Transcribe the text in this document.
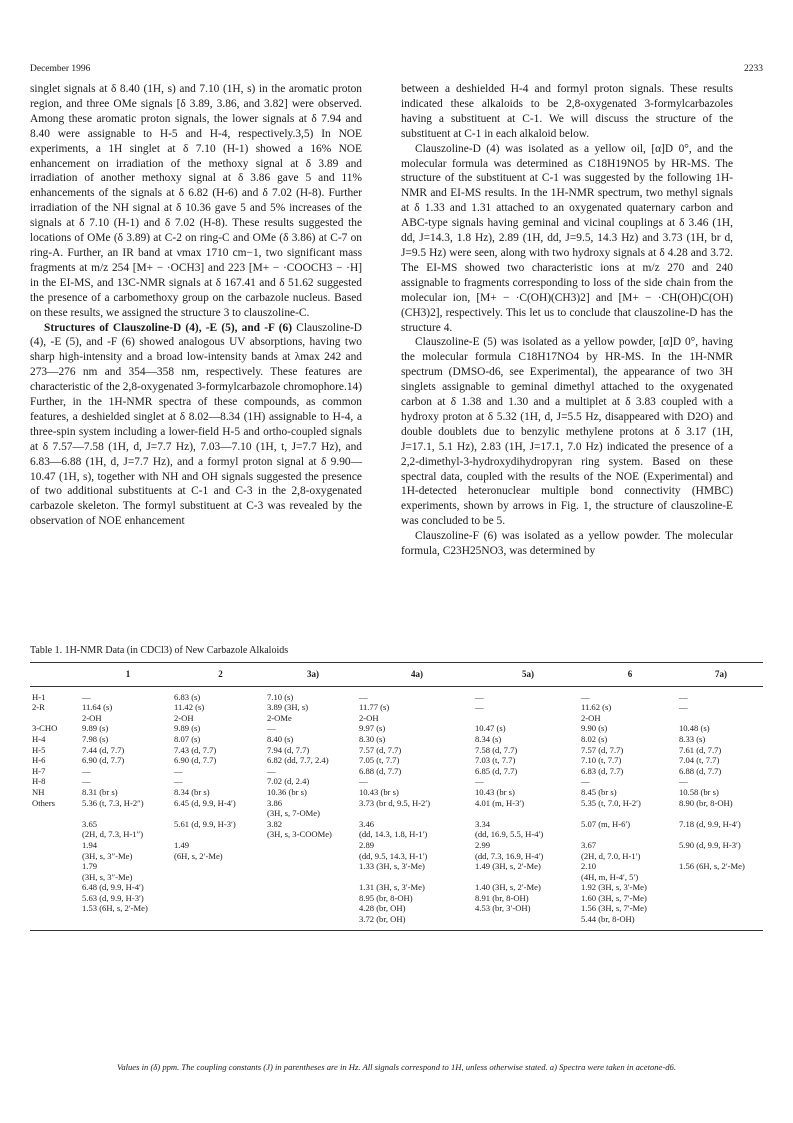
December 1996	2233

singlet signals at δ 8.40 (1H, s) and 7.10 (1H, s) in the aromatic proton region, and three OMe signals [δ 3.89, 3.86, and 3.82] were observed. Among these aromatic proton signals, the lower signals at δ 7.94 and 8.40 were assignable to H-5 and H-4, respectively.3,5) In NOE experiments, a 1H singlet at δ 7.10 (H-1) showed a 16% NOE enhancement on irradiation of the methoxy signal at δ 3.89 and irradiation of another methoxy signal at δ 3.86 gave 5 and 11% enhancements of the signals at δ 6.82 (H-6) and δ 7.02 (H-8). Further irradiation of the NH signal at δ 10.36 gave 5 and 5% increases of the signals at δ 7.10 (H-1) and δ 7.02 (H-8). These results suggested the locations of OMe (δ 3.89) at C-2 on ring-C and OMe (δ 3.86) at C-7 on ring-A. Further, an IR band at νmax 1710 cm−1, two significant mass fragments at m/z 254 [M+ − ·OCH3] and 223 [M+ − ·COOCH3 − ·H] in the EI-MS, and 13C-NMR signals at δ 167.41 and δ 51.62 suggested the presence of a carbomethoxy group on the carbazole nucleus. Based on these results, we assigned the structure 3 to clauszoline-C.

Structures of Clauszoline-D (4), -E (5), and -F (6) Clauszoline-D (4), -E (5), and -F (6) showed analogous UV absorptions, having two sharp high-intensity and a broad low-intensity bands at λmax 242 and 273—276 nm and 354—358 nm, respectively. These features are characteristic of the 2,8-oxygenated 3-formylcarbazole chromophore.14) Further, in the 1H-NMR spectra of these compounds, as common features, a deshielded singlet at δ 8.02—8.34 (1H) assignable to H-4, a three-spin system including a lower-field H-5 and ortho-coupled signals at δ 7.57—7.58 (1H, d, J=7.7 Hz), 7.03—7.10 (1H, t, J=7.7 Hz), and 6.83—6.88 (1H, d, J=7.7 Hz), and a formyl proton signal at δ 9.90—10.47 (1H, s), together with NH and OH signals suggested the presence of two additional substituents at C-1 and C-3 in the 2,8-oxygenated carbazole skeleton. The formyl substituent at C-3 was revealed by the observation of NOE enhancement

between a deshielded H-4 and formyl proton signals. These results indicated these alkaloids to be 2,8-oxygenated 3-formylcarbazoles having a substituent at C-1. We will discuss the structure of the substituent at C-1 in each alkaloid below.

Clauszoline-D (4) was isolated as a yellow oil, [α]D 0°, and the molecular formula was determined as C18H19NO5 by HR-MS. The structure of the substituent at C-1 was suggested by the following 1H-NMR and EI-MS results. In the 1H-NMR spectrum, two methyl signals at δ 1.33 and 1.31 attached to an oxygenated quaternary carbon and ABC-type signals having geminal and vicinal couplings at δ 3.46 (1H, dd, J=14.3, 1.8 Hz), 2.89 (1H, dd, J=9.5, 14.3 Hz) and 3.73 (1H, br d, J=9.5 Hz) were seen, along with two hydroxy signals at δ 4.28 and 3.72. The EI-MS showed two characteristic ions at m/z 270 and 240 assignable to fragments corresponding to loss of the side chain from the molecular ion, [M+ − ·C(OH)(CH3)2] and [M+ − ·CH(OH)C(OH)(CH3)2], respectively. This let us to conclude that clauszoline-D has the structure 4.

Clauszoline-E (5) was isolated as a yellow powder, [α]D 0°, having the molecular formula C18H17NO4 by HR-MS. In the 1H-NMR spectrum (DMSO-d6, see Experimental), the appearance of two 3H singlets assignable to geminal dimethyl attached to the oxygenated carbon at δ 1.38 and 1.30 and a multiplet at δ 3.83 coupled with a hydroxy proton at δ 5.32 (1H, d, J=5.5 Hz, disappeared with D2O) and double doublets due to benzylic methylene protons at δ 3.17 (1H, J=17.1, 5.1 Hz), 2.83 (1H, J=17.1, 7.0 Hz) indicated the presence of a 2,2-dimethyl-3-hydroxydihydropyran ring system. Based on these spectral data, coupled with the results of the NOE (Experimental) and 1H-detected heteronuclear multiple bond connectivity (HMBC) experiments, shown by arrows in Fig. 1, the structure of clauszoline-E was concluded to be 5.

Clauszoline-F (6) was isolated as a yellow powder. The molecular formula, C23H25NO3, was determined by

Table 1. 1H-NMR Data (in CDCl3) of New Carbazole Alkaloids
	1	2	3a)	4a)	5a)	6	7a)
H-1	—	6.83 (s)	7.10 (s)	—	—	—	—
2-R	11.64 (s)	11.42 (s)	3.89 (3H, s)	11.77 (s)	—	11.62 (s)	—
	2-OH	2-OH	2-OMe	2-OH		2-OH	
3-CHO	9.89 (s)	9.89 (s)	—	9.97 (s)	10.47 (s)	9.90 (s)	10.48 (s)
H-4	7.98 (s)	8.07 (s)	8.40 (s)	8.30 (s)	8.34 (s)	8.02 (s)	8.33 (s)
H-5	7.44 (d, 7.7)	7.43 (d, 7.7)	7.94 (d, 7.7)	7.57 (d, 7.7)	7.58 (d, 7.7)	7.57 (d, 7.7)	7.61 (d, 7.7)
H-6	6.90 (d, 7.7)	6.90 (d, 7.7)	6.82 (dd, 7.7, 2.4)	7.05 (t, 7.7)	7.03 (t, 7.7)	7.10 (t, 7.7)	7.04 (t, 7.7)
H-7	—	—	—	6.88 (d, 7.7)	6.85 (d, 7.7)	6.83 (d, 7.7)	6.88 (d, 7.7)
H-8	—	—	7.02 (d, 2.4)	—	—	—	—
NH	8.31 (br s)	8.34 (br s)	10.36 (br s)	10.43 (br s)	10.43 (br s)	8.45 (br s)	10.58 (br s)
Others	5.36 (t, 7.3, H-2″)	6.45 (d, 9.9, H-4′)	3.86	3.73 (br d, 9.5, H-2′)	4.01 (m, H-3′)	5.35 (t, 7.0, H-2′)	8.90 (br, 8-OH)
			(3H, s, 7-OMe)				
	3.65	5.61 (d, 9.9, H-3′)	3.82	3.46	3.34	5.07 (m, H-6′)	7.18 (d, 9.9, H-4′)
	(2H, d, 7.3, H-1″)		(3H, s, 3-COOMe)	(dd, 14.3, 1.8, H-1′)	(dd, 16.9, 5.5, H-4′)		
	1.94	1.49		2.89	2.99	3.67	5.90 (d, 9.9, H-3′)
	(3H, s, 3″-Me)	(6H, s, 2′-Me)		(dd, 9.5, 14.3, H-1′)	(dd, 7.3, 16.9, H-4′)	(2H, d, 7.0, H-1′)	
	1.79			1.33 (3H, s, 3′-Me)	1.49 (3H, s, 2′-Me)	2.10	1.56 (6H, s, 2′-Me)
	(3H, s, 3″-Me)					(4H, m, H-4′, 5′)	
	6.48 (d, 9.9, H-4′)			1.31 (3H, s, 3′-Me)	1.40 (3H, s, 2′-Me)	1.92 (3H, s, 3′-Me)	
	5.63 (d, 9.9, H-3′)			8.95 (br, 8-OH)	8.91 (br, 8-OH)	1.60 (3H, s, 7′-Me)	
	1.53 (6H, s, 2′-Me)			4.28 (br, OH)	4.53 (br, 3′-OH)	1.56 (3H, s, 7′-Me)	
				3.72 (br, OH)		5.44 (br, 8-OH)	
Values in (δ) ppm. The coupling constants (J) in parentheses are in Hz. All signals correspond to 1H, unless otherwise stated. a) Spectra were taken in acetone-d6.
